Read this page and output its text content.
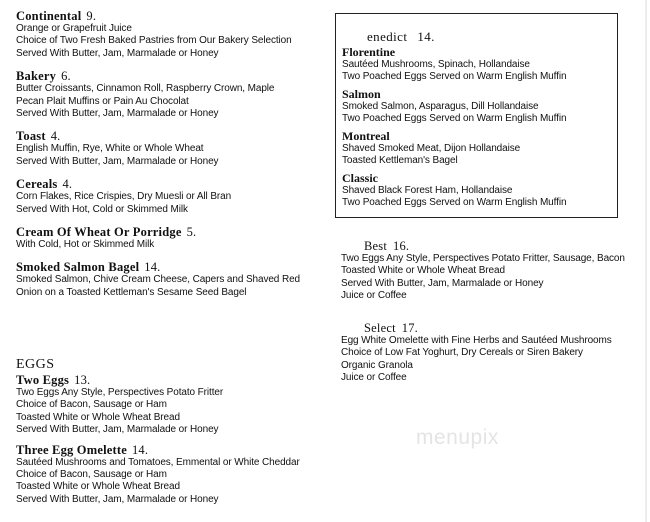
Continental 9.
Orange or Grapefruit Juice
Choice of Two Fresh Baked Pastries from Our Bakery Selection
Served With Butter, Jam, Marmalade or Honey
Bakery 6.
Butter Croissants, Cinnamon Roll, Raspberry Crown, Maple
Pecan Plait Muffins or Pain Au Chocolat
Served With Butter, Jam, Marmalade or Honey
Toast 4.
English Muffin, Rye, White or Whole Wheat
Served With Butter, Jam, Marmalade or Honey
Cereals 4.
Corn Flakes, Rice Crispies, Dry Muesli or All Bran
Served With Hot, Cold or Skimmed Milk
Cream Of Wheat Or Porridge 5.
With Cold, Hot or Skimmed Milk
Smoked Salmon Bagel 14.
Smoked Salmon, Chive Cream Cheese, Capers and Shaved Red
Onion on a Toasted Kettleman's Sesame Seed Bagel
EGGS
Two Eggs 13.
Two Eggs Any Style, Perspectives Potato Fritter
Choice of Bacon, Sausage or Ham
Toasted White or Whole Wheat Bread
Served With Butter, Jam, Marmalade or Honey
Three Egg Omelette 14.
Sautéed Mushrooms and Tomatoes, Emmental or White Cheddar
Choice of Bacon, Sausage or Ham
Toasted White or Whole Wheat Bread
Served With Butter, Jam, Marmalade or Honey
enedict 14.
Florentine
Sautéed Mushrooms, Spinach, Hollandaise
Two Poached Eggs Served on Warm English Muffin
Salmon
Smoked Salmon, Asparagus, Dill Hollandaise
Two Poached Eggs Served on Warm English Muffin
Montreal
Shaved Smoked Meat, Dijon Hollandaise
Toasted Kettleman's Bagel
Classic
Shaved Black Forest Ham, Hollandaise
Two Poached Eggs Served on Warm English Muffin
Best 16.
Two Eggs Any Style, Perspectives Potato Fritter, Sausage, Bacon
Toasted White or Whole Wheat Bread
Served With Butter, Jam, Marmalade or Honey
Juice or Coffee
Select 17.
Egg White Omelette with Fine Herbs and Sautéed Mushrooms
Choice of Low Fat Yoghurt, Dry Cereals or Siren Bakery
Organic Granola
Juice or Coffee
menupix
